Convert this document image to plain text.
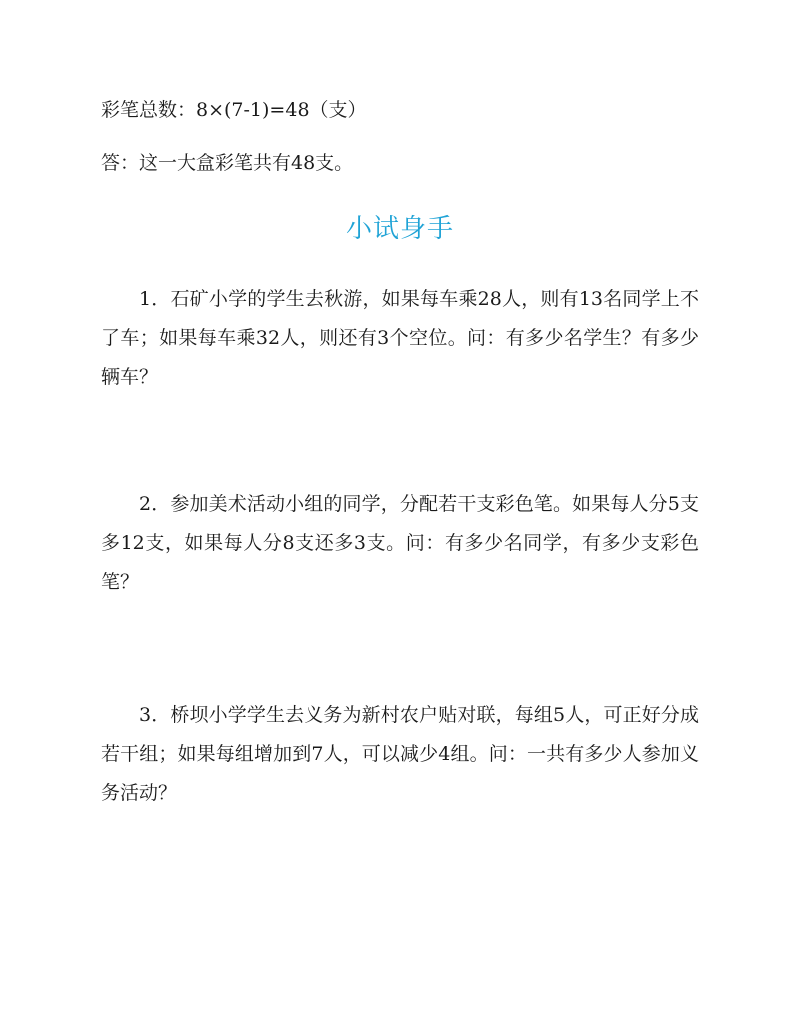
彩笔总数：8×(7-1)=48（支）
答：这一大盒彩笔共有48支。
小试身手
1．石矿小学的学生去秋游，如果每车乘28人，则有13名同学上不了车；如果每车乘32人，则还有3个空位。问：有多少名学生？有多少辆车？
2．参加美术活动小组的同学，分配若干支彩色笔。如果每人分5支多12支，如果每人分8支还多3支。问：有多少名同学，有多少支彩色笔？
3．桥坝小学学生去义务为新村农户贴对联，每组5人，可正好分成若干组；如果每组增加到7人，可以减少4组。问：一共有多少人参加义务活动？
